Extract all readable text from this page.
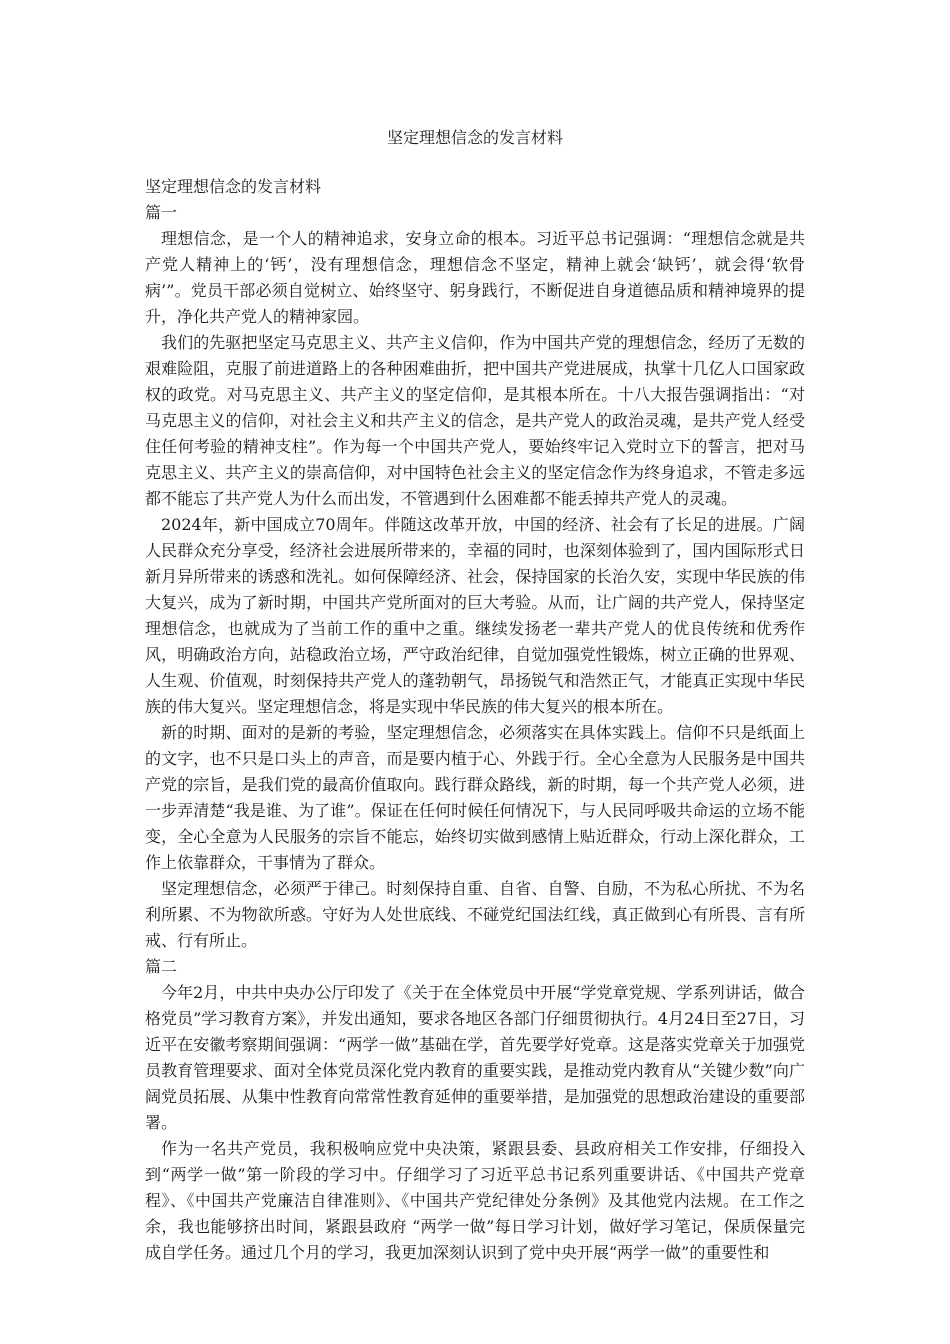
坚定理想信念的发言材料
坚定理想信念的发言材料
篇一

理想信念，是一个人的精神追求，安身立命的根本。习近平总书记强调：“理想信念就是共产党人精神上的‘钙’，没有理想信念，理想信念不坚定，精神上就会‘缺钙’，就会得‘软骨病’”。党员干部必须自觉树立、始终坚守、躬身践行，不断促进自身道德品质和精神境界的提升，净化共产党人的精神家园。

我们的先驱把坚定马克思主义、共产主义信仰，作为中国共产党的理想信念，经历了无数的艰难险阻，克服了前进道路上的各种困难曲折，把中国共产党进展成，执掌十几亿人口国家政权的政党。对马克思主义、共产主义的坚定信仰，是其根本所在。十八大报告强调指出：“对马克思主义的信仰，对社会主义和共产主义的信念，是共产党人的政治灵魂，是共产党人经受住任何考验的精神支柱”。作为每一个中国共产党人，要始终牢记入党时立下的誓言，把对马克思主义、共产主义的崇高信仰，对中国特色社会主义的坚定信念作为终身追求，不管走多远都不能忘了共产党人为什么而出发，不管遇到什么困难都不能丢掉共产党人的灵魂。

2024年，新中国成立70周年。伴随这改革开放，中国的经济、社会有了长足的进展。广阔人民群众充分享受，经济社会进展所带来的，幸福的同时，也深刻体验到了，国内国际形式日新月异所带来的诱惑和洗礼。如何保障经济、社会，保持国家的长治久安，实现中华民族的伟大复兴，成为了新时期，中国共产党所面对的巨大考验。从而，让广阔的共产党人，保持坚定理想信念，也就成为了当前工作的重中之重。继续发扬老一辈共产党人的优良传统和优秀作风，明确政治方向，站稳政治立场，严守政治纪律，自觉加强党性锻炼，树立正确的世界观、人生观、价值观，时刻保持共产党人的蓬勃朝气，昂扬锐气和浩然正气，才能真正实现中华民族的伟大复兴。坚定理想信念，将是实现中华民族的伟大复兴的根本所在。

新的时期、面对的是新的考验，坚定理想信念，必须落实在具体实践上。信仰不只是纸面上的文字，也不只是口头上的声音，而是要内植于心、外践于行。全心全意为人民服务是中国共产党的宗旨，是我们党的最高价值取向。践行群众路线，新的时期，每一个共产党人必须，进一步弄清楚“我是谁、为了谁”。保证在任何时候任何情况下，与人民同呼吸共命运的立场不能变，全心全意为人民服务的宗旨不能忘，始终切实做到感情上贴近群众，行动上深化群众，工作上依靠群众，干事情为了群众。

坚定理想信念，必须严于律己。时刻保持自重、自省、自警、自励，不为私心所扰、不为名利所累、不为物欲所惑。守好为人处世底线、不碰党纪国法红线，真正做到心有所畏、言有所戒、行有所止。

篇二

今年2月，中共中央办公厅印发了《关于在全体党员中开展“学党章党规、学系列讲话，做合格党员”学习教育方案》，并发出通知，要求各地区各部门仔细贯彻执行。4月24日至27日，习近平在安徽考察期间强调：“两学一做”基础在学，首先要学好党章。这是落实党章关于加强党员教育管理要求、面对全体党员深化党内教育的重要实践，是推动党内教育从“关键少数”向广阔党员拓展、从集中性教育向常常性教育延伸的重要举措，是加强党的思想政治建设的重要部署。

作为一名共产党员，我积极响应党中央决策，紧跟县委、县政府相关工作安排，仔细投入到“两学一做”第一阶段的学习中。仔细学习了习近平总书记系列重要讲话、《中国共产党章程》、《中国共产党廉洁自律准则》、《中国共产党纪律处分条例》及其他党内法规。在工作之余，我也能够挤出时间，紧跟县政府 “两学一做”每日学习计划，做好学习笔记，保质保量完成自学任务。通过几个月的学习，我更加深刻认识到了党中央开展“两学一做”的重要性和
